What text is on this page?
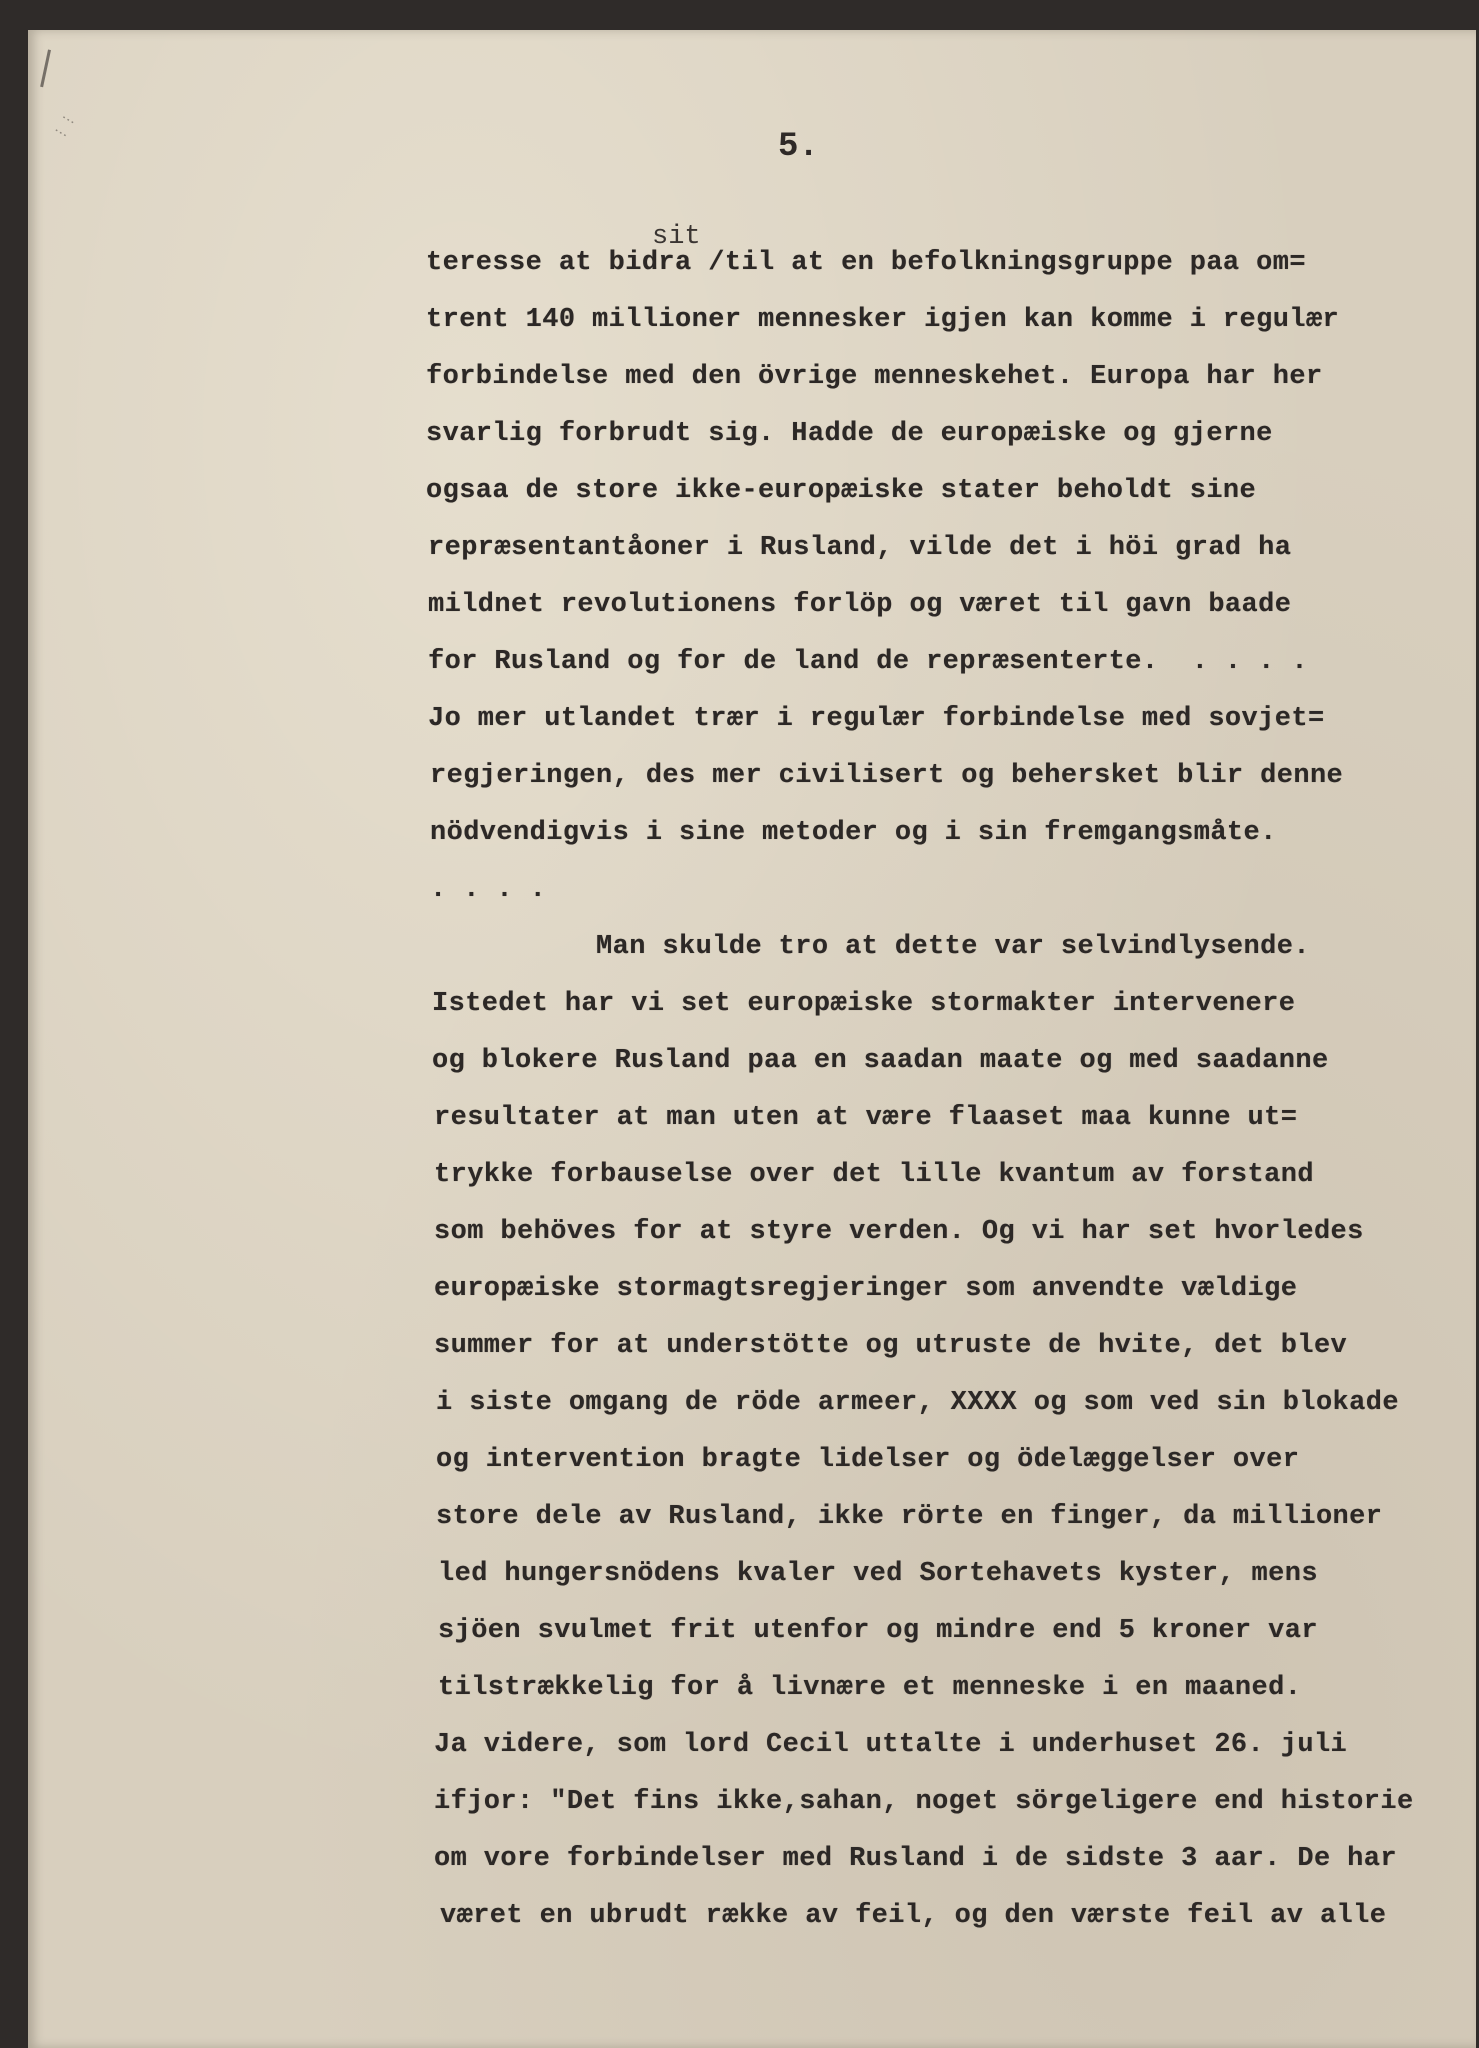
⋮⋮
5.
sit
teresse at bidra /til at en befolkningsgruppe paa om=
trent 140 millioner mennesker igjen kan komme i regulær
forbindelse med den övrige menneskehet. Europa har her
svarlig forbrudt sig. Hadde de europæiske og gjerne
ogsaa de store ikke-europæiske stater beholdt sine
repræsentantåoner i Rusland, vilde det i höi grad ha
mildnet revolutionens forlöp og været til gavn baade
for Rusland og for de land de repræsenterte.  . . . .
Jo mer utlandet trær i regulær forbindelse med sovjet=
regjeringen, des mer civilisert og behersket blir denne
nödvendigvis i sine metoder og i sin fremgangsmåte.
. . . .
Man skulde tro at dette var selvindlysende.
Istedet har vi set europæiske stormakter intervenere
og blokere Rusland paa en saadan maate og med saadanne
resultater at man uten at være flaaset maa kunne ut=
trykke forbauselse over det lille kvantum av forstand
som behöves for at styre verden. Og vi har set hvorledes
europæiske stormagtsregjeringer som anvendte vældige
summer for at understötte og utruste de hvite, det blev
i siste omgang de röde armeer, XXXX og som ved sin blokade
og intervention bragte lidelser og ödelæggelser over
store dele av Rusland, ikke rörte en finger, da millioner
led hungersnödens kvaler ved Sortehavets kyster, mens
sjöen svulmet frit utenfor og mindre end 5 kroner var
tilstrækkelig for å livnære et menneske i en maaned.
Ja videre, som lord Cecil uttalte i underhuset 26. juli
ifjor: "Det fins ikke,sahan, noget sörgeligere end historie
om vore forbindelser med Rusland i de sidste 3 aar. De har
været en ubrudt række av feil, og den værste feil av alle
